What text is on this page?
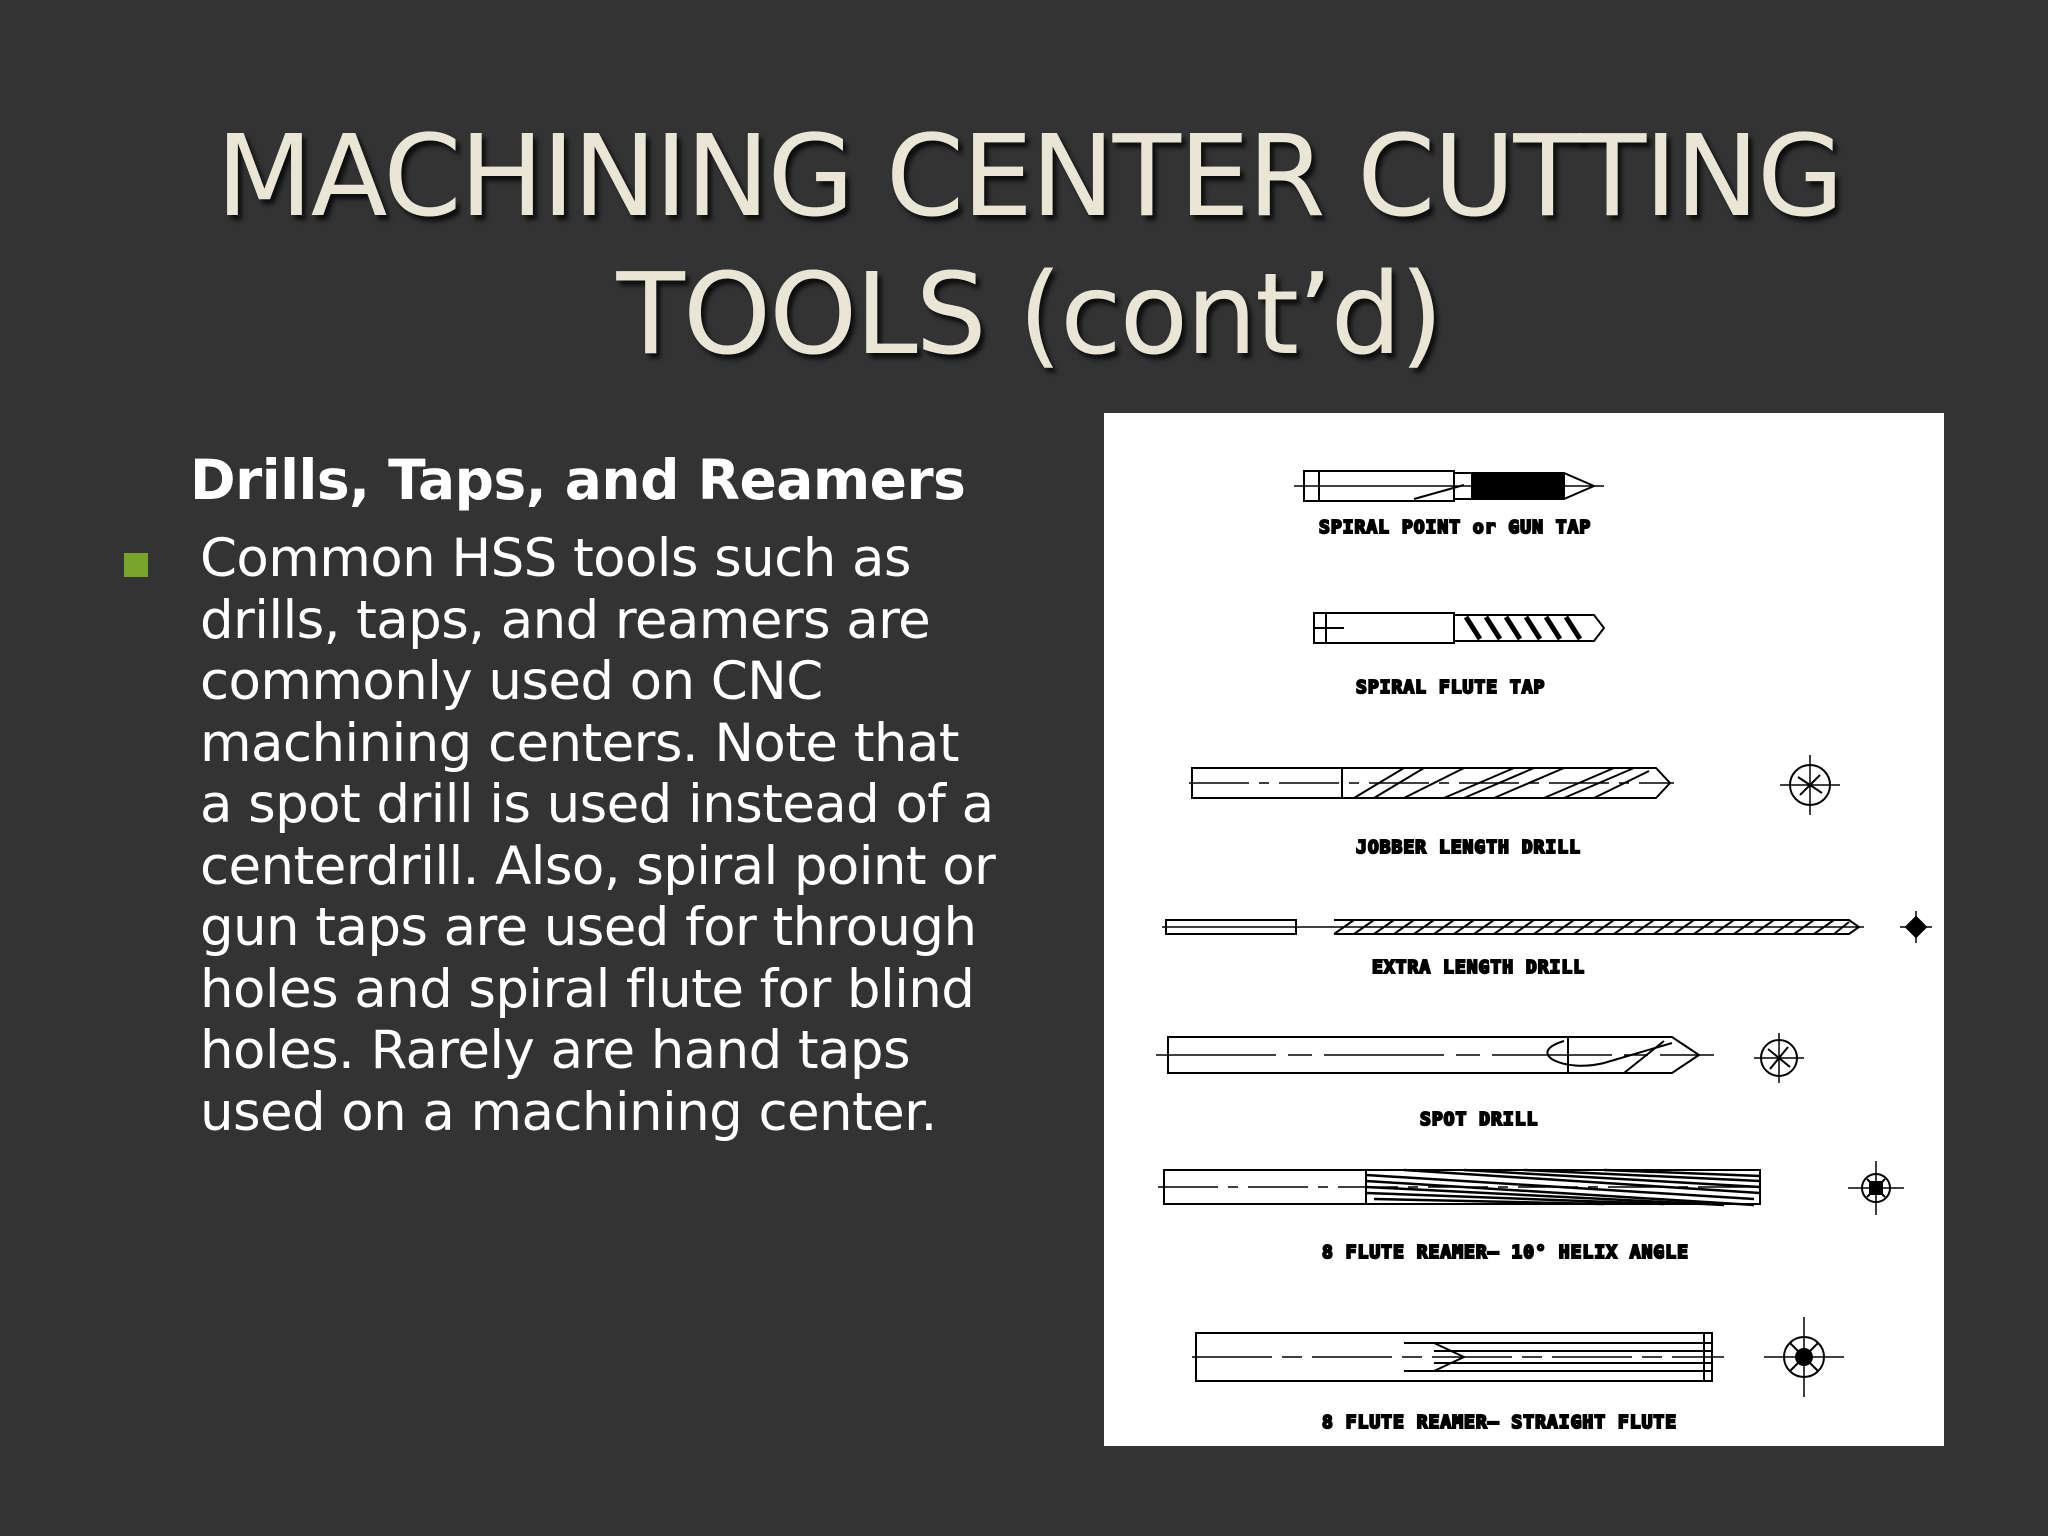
MACHINING CENTER CUTTING
TOOLS (cont’d)
Drills, Taps, and Reamers
Common HSS tools such as drills, taps, and reamers are commonly used on CNC machining centers. Note that a spot drill is used instead of a centerdrill. Also, spiral point or gun taps are used for through holes and spiral flute for blind holes. Rarely are hand taps used on a machining center.
SPIRAL POINT or GUN TAP
SPIRAL FLUTE TAP
JOBBER LENGTH DRILL
EXTRA LENGTH DRILL
SPOT DRILL
8 FLUTE REAMER— 10° HELIX ANGLE
8 FLUTE REAMER— STRAIGHT FLUTE
